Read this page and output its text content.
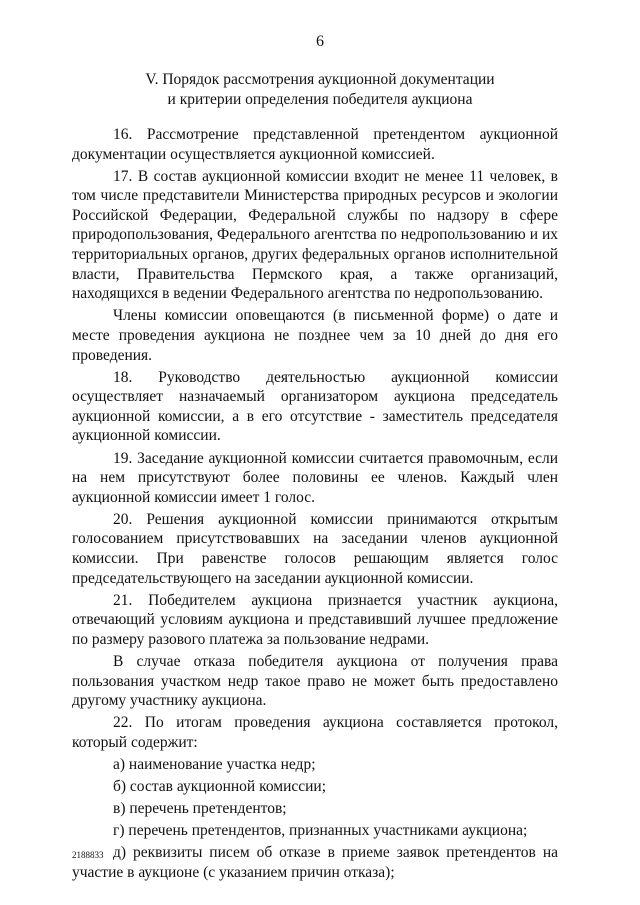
6
V. Порядок рассмотрения аукционной документации
и критерии определения победителя аукциона

16. Рассмотрение представленной претендентом аукционной документации осуществляется аукционной комиссией.

17. В состав аукционной комиссии входит не менее 11 человек, в том числе представители Министерства природных ресурсов и экологии Российской Федерации, Федеральной службы по надзору в сфере природопользования, Федерального агентства по недропользованию и их территориальных органов, других федеральных органов исполнительной власти, Правительства Пермского края, а также организаций, находящихся в ведении Федерального агентства по недропользованию.

Члены комиссии оповещаются (в письменной форме) о дате и месте проведения аукциона не позднее чем за 10 дней до дня его проведения.

18. Руководство деятельностью аукционной комиссии осуществляет назначаемый организатором аукциона председатель аукционной комиссии, а в его отсутствие - заместитель председателя аукционной комиссии.

19. Заседание аукционной комиссии считается правомочным, если на нем присутствуют более половины ее членов. Каждый член аукционной комиссии имеет 1 голос.

20. Решения аукционной комиссии принимаются открытым голосованием присутствовавших на заседании членов аукционной комиссии. При равенстве голосов решающим является голос председательствующего на заседании аукционной комиссии.

21. Победителем аукциона признается участник аукциона, отвечающий условиям аукциона и представивший лучшее предложение по размеру разового платежа за пользование недрами.

В случае отказа победителя аукциона от получения права пользования участком недр такое право не может быть предоставлено другому участнику аукциона.

22. По итогам проведения аукциона составляется протокол, который содержит:

а) наименование участка недр;

б) состав аукционной комиссии;

в) перечень претендентов;

г) перечень претендентов, признанных участниками аукциона;

д) реквизиты писем об отказе в приеме заявок претендентов на участие в аукционе (с указанием причин отказа);

2188833
